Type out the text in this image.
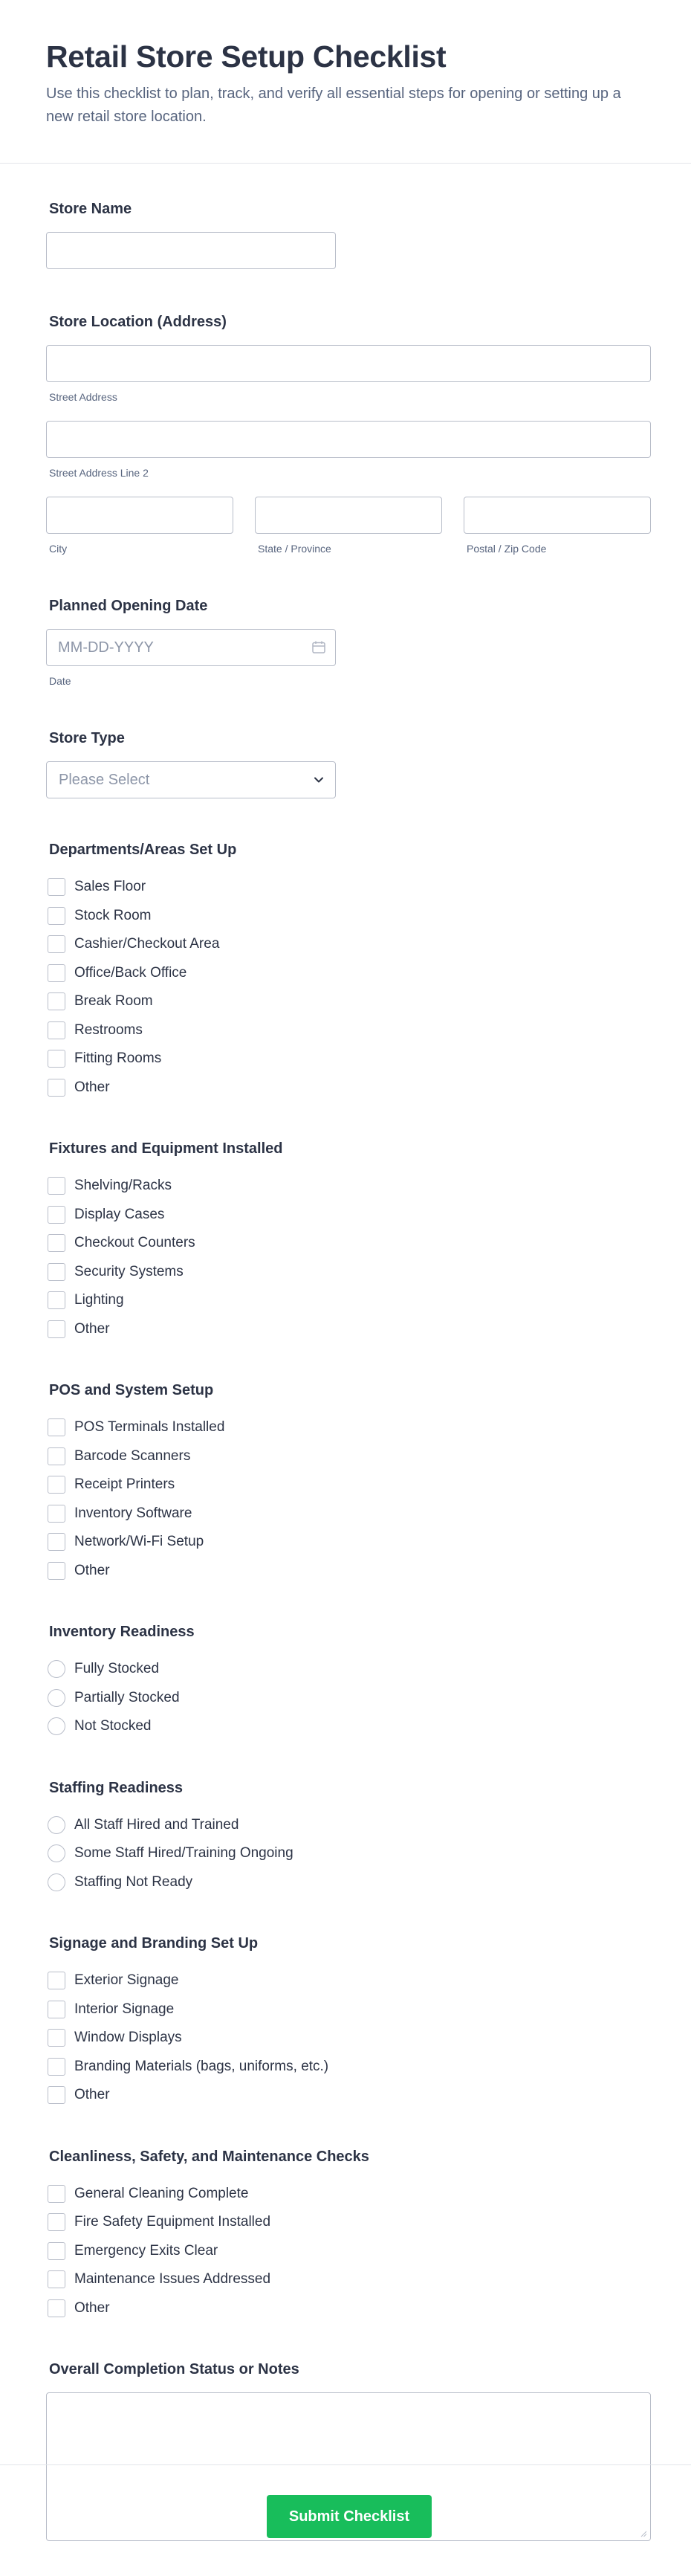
Retail Store Setup Checklist

Use this checklist to plan, track, and verify all essential steps for opening or setting up a new retail store location.

Store Name
Store Location (Address)
Street Address
Street Address Line 2
City	State / Province	Postal / Zip Code
Planned Opening Date
MM-DD-YYYY
Date
Store Type
Please Select
Departments/Areas Set Up
Sales Floor
Stock Room
Cashier/Checkout Area
Office/Back Office
Break Room
Restrooms
Fitting Rooms
Other
Fixtures and Equipment Installed
Shelving/Racks
Display Cases
Checkout Counters
Security Systems
Lighting
Other
POS and System Setup
POS Terminals Installed
Barcode Scanners
Receipt Printers
Inventory Software
Network/Wi-Fi Setup
Other
Inventory Readiness
Fully Stocked
Partially Stocked
Not Stocked
Staffing Readiness
All Staff Hired and Trained
Some Staff Hired/Training Ongoing
Staffing Not Ready
Signage and Branding Set Up
Exterior Signage
Interior Signage
Window Displays
Branding Materials (bags, uniforms, etc.)
Other
Cleanliness, Safety, and Maintenance Checks
General Cleaning Complete
Fire Safety Equipment Installed
Emergency Exits Clear
Maintenance Issues Addressed
Other
Overall Completion Status or Notes
Submit Checklist
